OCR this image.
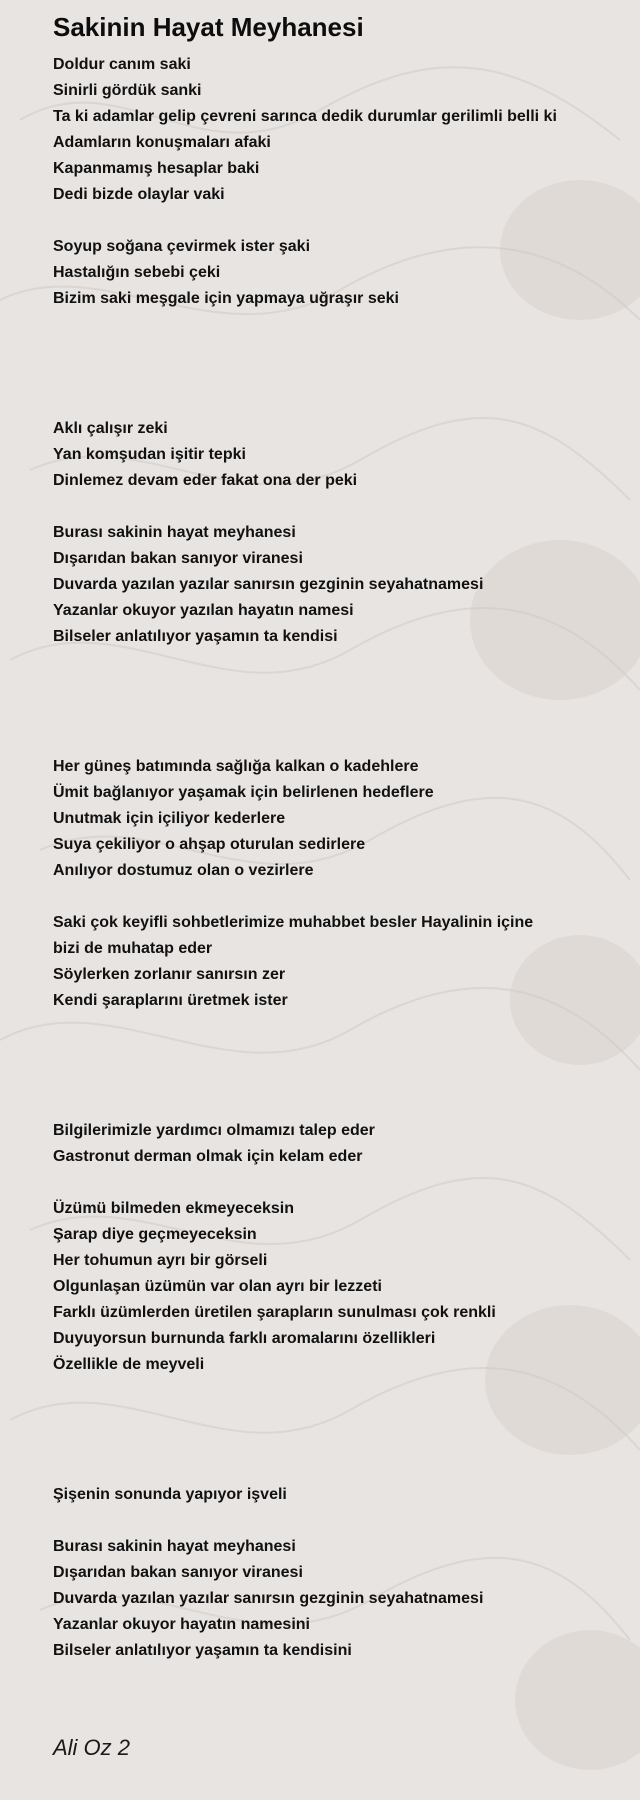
Sakinin Hayat Meyhanesi
Doldur canım saki
Sinirli gördük sanki
Ta ki adamlar gelip çevreni sarınca dedik durumlar gerilimli belli ki
Adamların konuşmaları afaki
Kapanmamış hesaplar baki
Dedi bizde olaylar vaki
Soyup soğana çevirmek ister şaki
Hastalığın sebebi çeki
Bizim saki meşgale için yapmaya uğraşır seki
Aklı çalışır zeki
Yan komşudan işitir tepki
Dinlemez devam eder fakat ona der peki
Burası sakinin hayat meyhanesi
Dışarıdan bakan sanıyor viranesi
Duvarda yazılan yazılar sanırsın gezginin seyahatnamesi
Yazanlar okuyor yazılan hayatın namesi
Bilseler anlatılıyor yaşamın ta kendisi
Her güneş batımında sağlığa kalkan o kadehlere
Ümit bağlanıyor yaşamak için belirlenen hedeflere
Unutmak için içiliyor kederlere
Suya çekiliyor o ahşap oturulan sedirlere
Anılıyor dostumuz olan o vezirlere
Saki çok keyifli sohbetlerimize muhabbet besler Hayalinin içine
bizi de muhatap eder
Söylerken zorlanır sanırsın zer
Kendi şaraplarını üretmek ister
Bilgilerimizle yardımcı olmamızı talep eder
Gastronut derman olmak için kelam eder
Üzümü bilmeden ekmeyeceksin
Şarap diye geçmeyeceksin
Her tohumun ayrı bir görseli
Olgunlaşan üzümün var olan ayrı bir lezzeti
Farklı üzümlerden üretilen şarapların sunulması çok renkli
Duyuyorsun burnunda farklı aromalarını özellikleri
Özellikle de meyveli
Şişenin sonunda yapıyor işveli
Burası sakinin hayat meyhanesi
Dışarıdan bakan sanıyor viranesi
Duvarda yazılan yazılar sanırsın gezginin seyahatnamesi
Yazanlar okuyor hayatın namesini
Bilseler anlatılıyor yaşamın ta kendisini
Ali Oz 2
